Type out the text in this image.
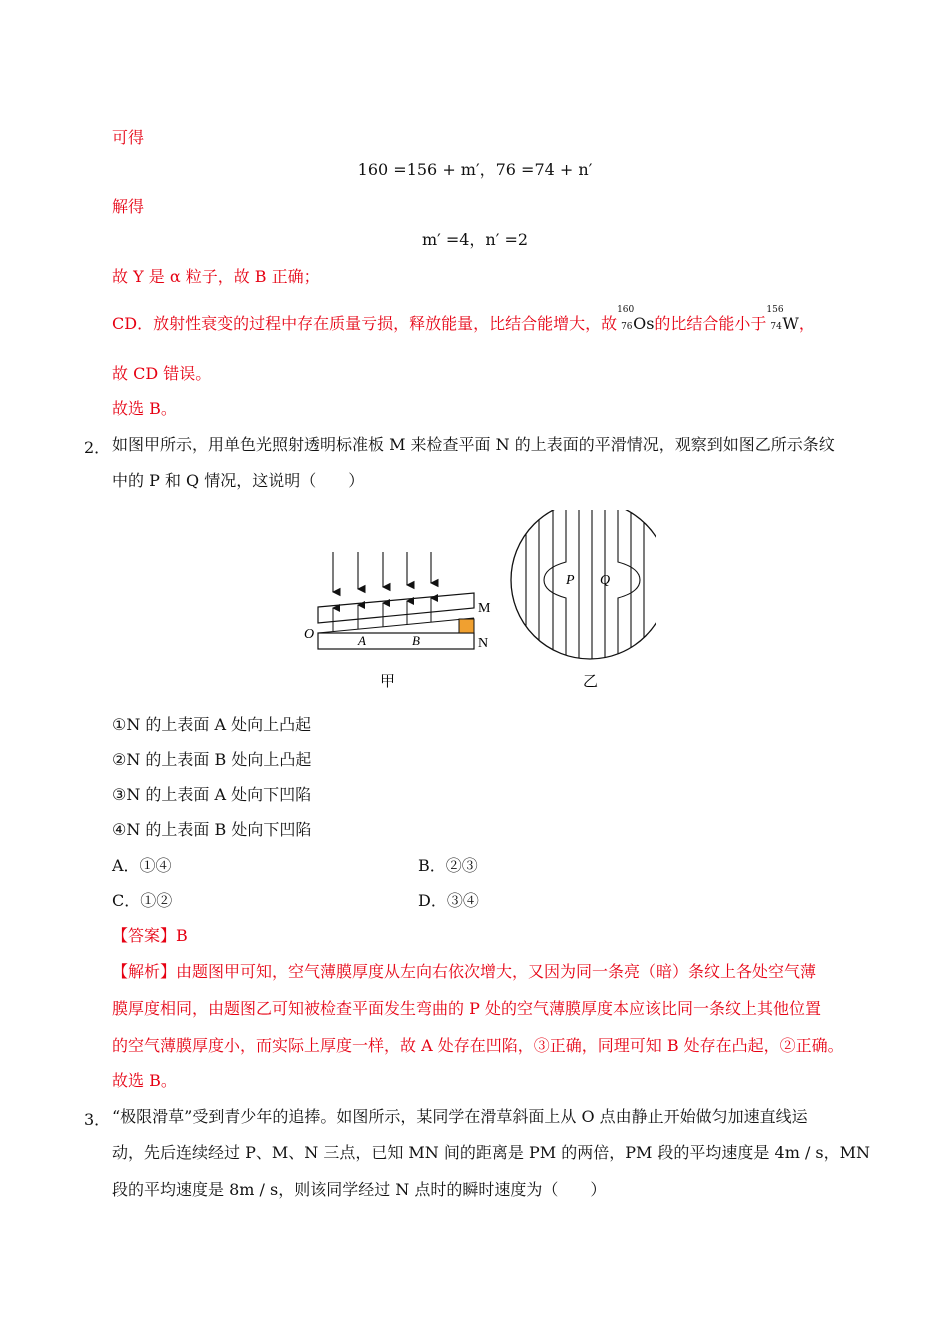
可得
160 =156 + m′，76 =74 + n′
解得
m′ =4，n′ =2
故 Y 是 α 粒子，故 B 正确；
CD．放射性衰变的过程中存在质量亏损，释放能量，比结合能增大，故
160
76 Os的比结合能小于
156
74 W，
故 CD 错误。
故选 B。
2． 如图甲所示，用单色光照射透明标准板 M 来检查平面 N 的上表面的平滑情况，观察到如图乙所示条纹
中的 P 和 Q 情况，这说明（　　）
O	A	B
M
N
甲
P Q
乙
①N 的上表面 A 处向上凸起
②N 的上表面 B 处向上凸起
③N 的上表面 A 处向下凹陷
④N 的上表面 B 处向下凹陷
A．①④	B．②③
C．①②	D．③④
【答案】B
【解析】由题图甲可知，空气薄膜厚度从左向右依次增大，又因为同一条亮（暗）条纹上各处空气薄
膜厚度相同，由题图乙可知被检查平面发生弯曲的 P 处的空气薄膜厚度本应该比同一条纹上其他位置
的空气薄膜厚度小，而实际上厚度一样，故 A 处存在凹陷，③正确，同理可知 B 处存在凸起，②正确。
故选 B。
3． “极限滑草”受到青少年的追捧。如图所示，某同学在滑草斜面上从 O 点由静止开始做匀加速直线运
动，先后连续经过 P、M、N 三点，已知 MN 间的距离是 PM 的两倍，PM 段的平均速度是 4m / s，MN
段的平均速度是 8m / s，则该同学经过 N 点时的瞬时速度为（　　）
